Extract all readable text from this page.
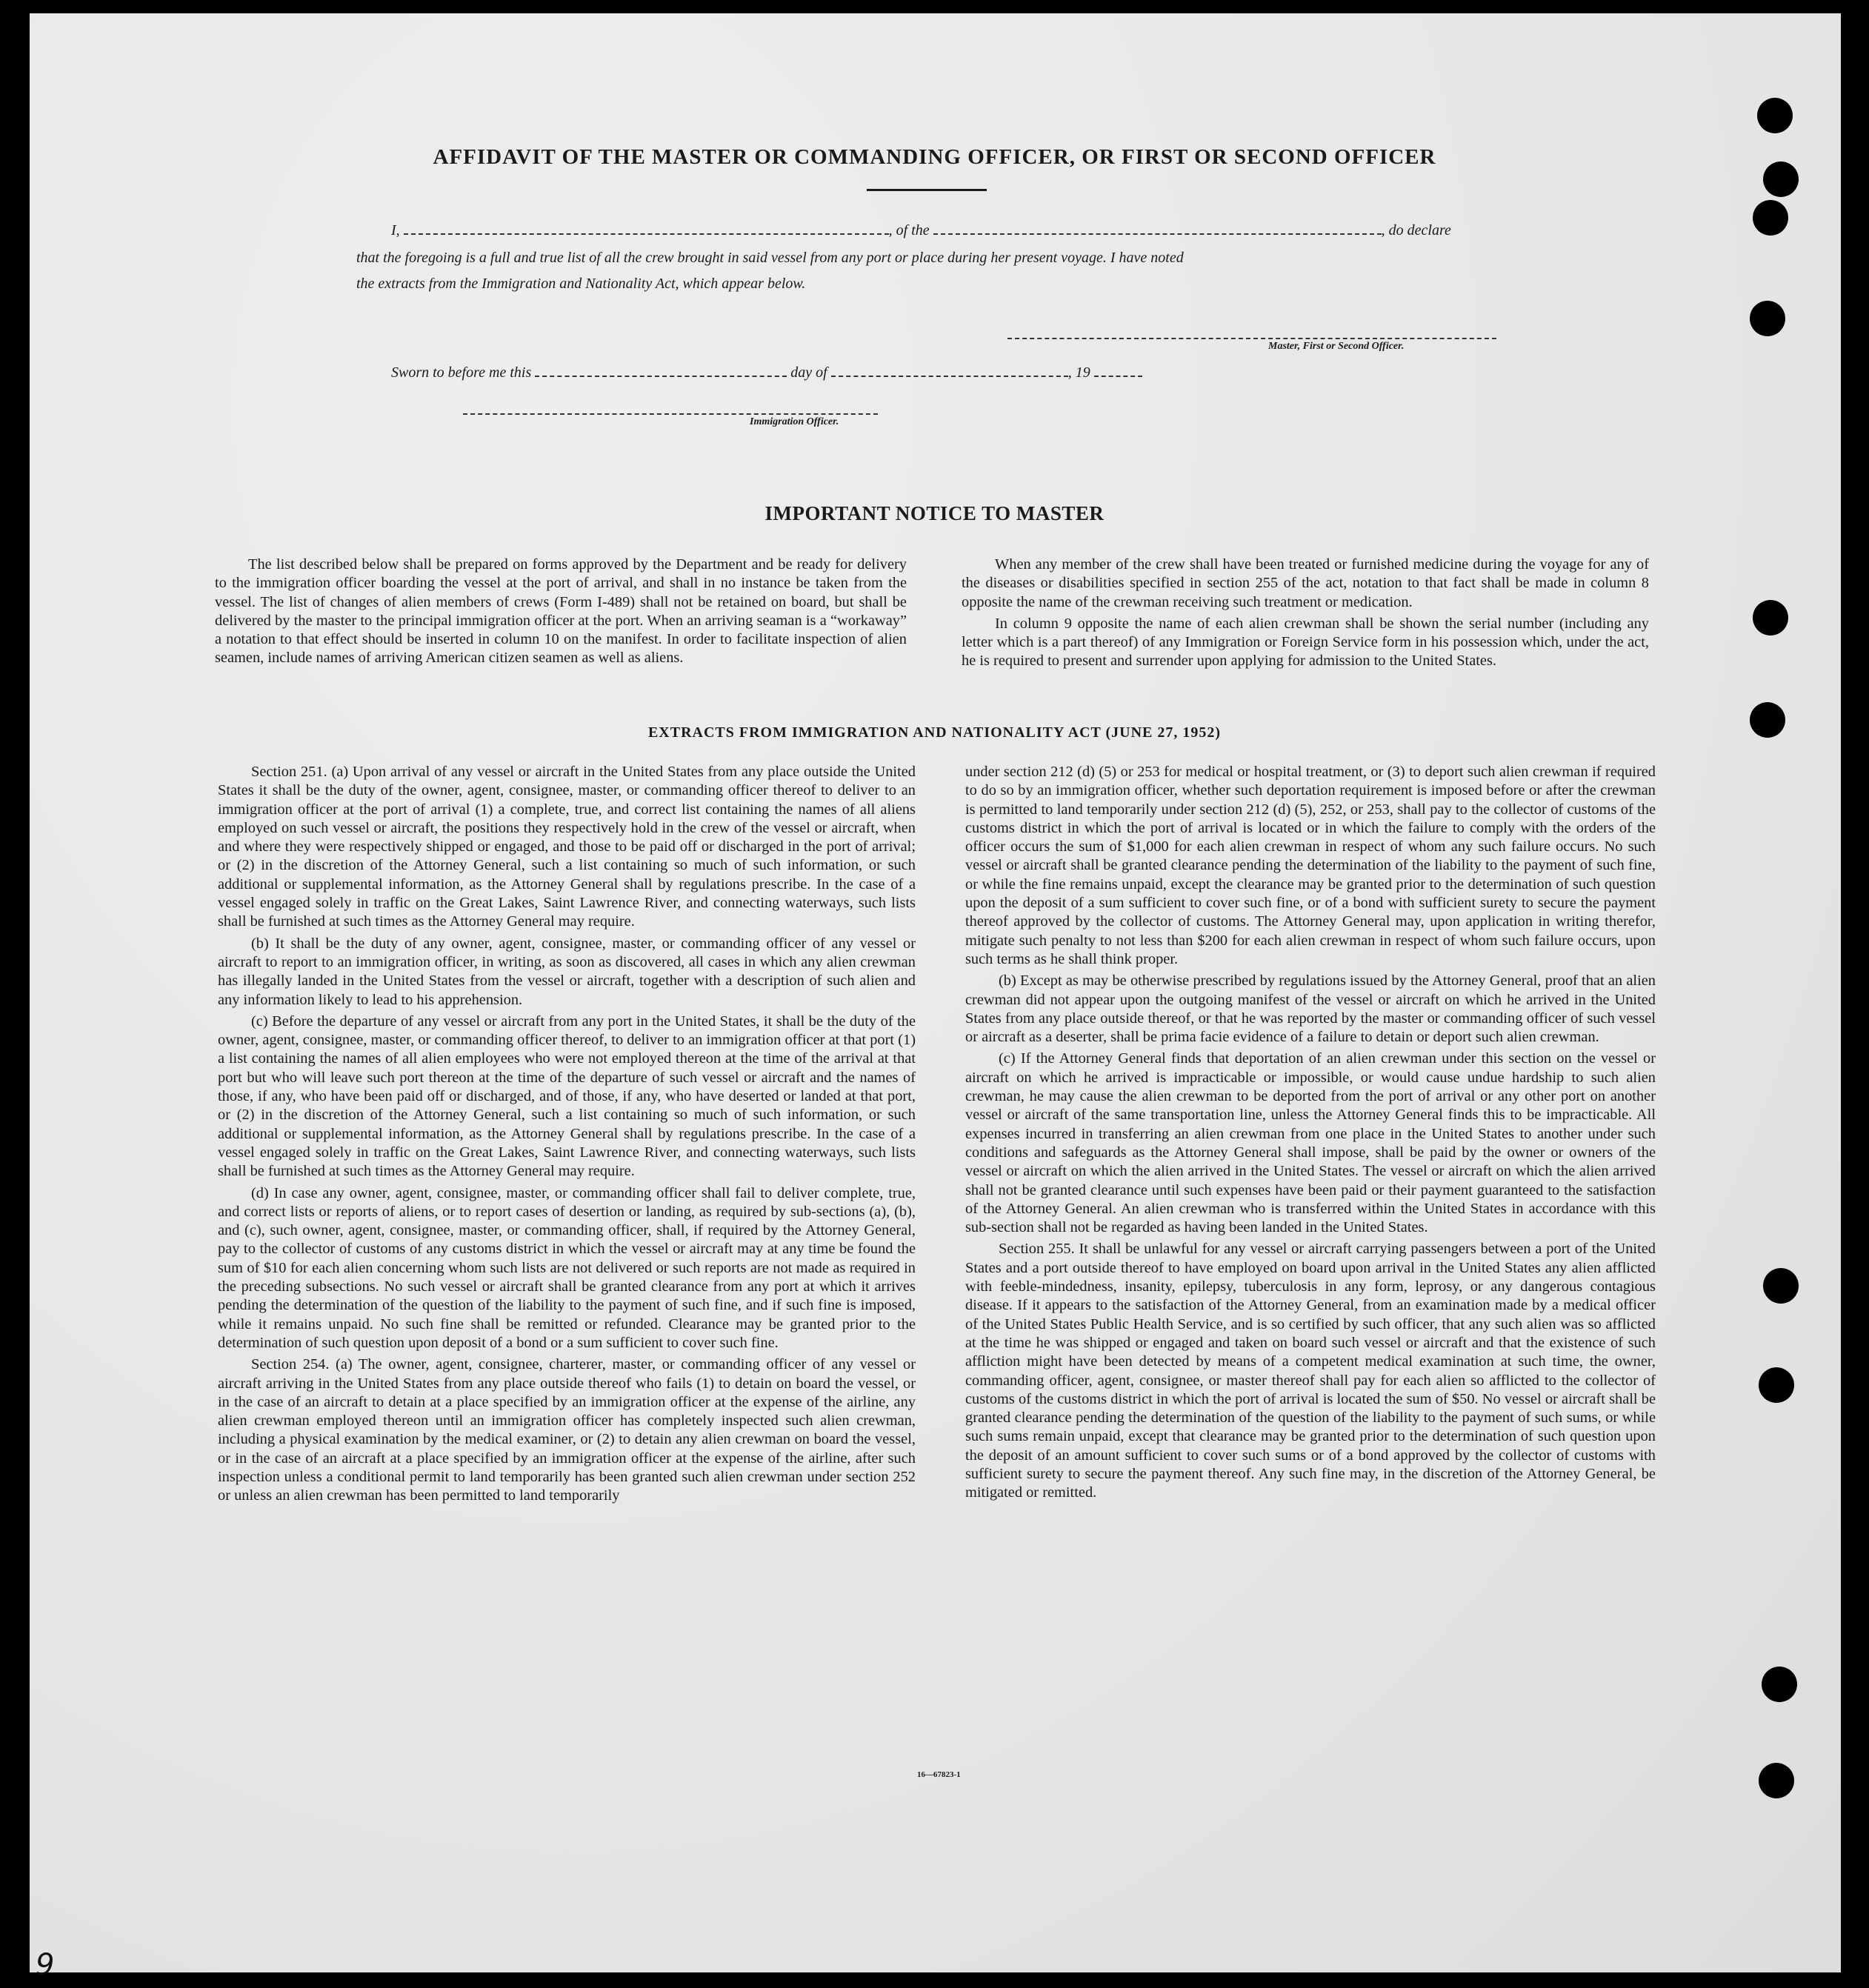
AFFIDAVIT OF THE MASTER OR COMMANDING OFFICER, OR FIRST OR SECOND OFFICER
I,	, of the	, do declare
that the foregoing is a full and true list of all the crew brought in said vessel from any port or place during her present voyage. I have noted
the extracts from the Immigration and Nationality Act, which appear below.
Master, First or Second Officer.
Sworn to before me this	day of	, 19
Immigration Officer.
IMPORTANT NOTICE TO MASTER

The list described below shall be prepared on forms approved by the Department and be ready for delivery to the immigration officer boarding the vessel at the port of arrival, and shall in no instance be taken from the vessel. The list of changes of alien members of crews (Form I-489) shall not be retained on board, but shall be delivered by the master to the principal immigration officer at the port. When an arriving seaman is a “workaway” a notation to that effect should be inserted in column 10 on the manifest. In order to facilitate inspection of alien seamen, include names of arriving American citizen seamen as well as aliens.

When any member of the crew shall have been treated or furnished medicine during the voyage for any of the diseases or disabilities specified in section 255 of the act, notation to that fact shall be made in column 8 opposite the name of the crewman receiving such treatment or medication.

In column 9 opposite the name of each alien crewman shall be shown the serial number (including any letter which is a part thereof) of any Immigration or Foreign Service form in his possession which, under the act, he is required to present and surrender upon applying for admission to the United States.

EXTRACTS FROM IMMIGRATION AND NATIONALITY ACT (JUNE 27, 1952)

Section 251. (a) Upon arrival of any vessel or aircraft in the United States from any place outside the United States it shall be the duty of the owner, agent, consignee, master, or commanding officer thereof to deliver to an immigration officer at the port of arrival (1) a complete, true, and correct list containing the names of all aliens employed on such vessel or aircraft, the positions they respectively hold in the crew of the vessel or aircraft, when and where they were respectively shipped or engaged, and those to be paid off or discharged in the port of arrival; or (2) in the discretion of the Attorney General, such a list containing so much of such information, or such additional or supplemental information, as the Attorney General shall by regulations prescribe. In the case of a vessel engaged solely in traffic on the Great Lakes, Saint Lawrence River, and connecting waterways, such lists shall be furnished at such times as the Attorney General may require.

(b) It shall be the duty of any owner, agent, consignee, master, or commanding officer of any vessel or aircraft to report to an immigration officer, in writing, as soon as discovered, all cases in which any alien crewman has illegally landed in the United States from the vessel or aircraft, together with a description of such alien and any information likely to lead to his apprehension.

(c) Before the departure of any vessel or aircraft from any port in the United States, it shall be the duty of the owner, agent, consignee, master, or commanding officer thereof, to deliver to an immigration officer at that port (1) a list containing the names of all alien employees who were not employed thereon at the time of the arrival at that port but who will leave such port thereon at the time of the departure of such vessel or aircraft and the names of those, if any, who have been paid off or discharged, and of those, if any, who have deserted or landed at that port, or (2) in the discretion of the Attorney General, such a list containing so much of such information, or such additional or supplemental information, as the Attorney General shall by regulations prescribe. In the case of a vessel engaged solely in traffic on the Great Lakes, Saint Lawrence River, and connecting waterways, such lists shall be furnished at such times as the Attorney General may require.

(d) In case any owner, agent, consignee, master, or commanding officer shall fail to deliver complete, true, and correct lists or reports of aliens, or to report cases of desertion or landing, as required by sub-sections (a), (b), and (c), such owner, agent, consignee, master, or commanding officer, shall, if required by the Attorney General, pay to the collector of customs of any customs district in which the vessel or aircraft may at any time be found the sum of $10 for each alien concerning whom such lists are not delivered or such reports are not made as required in the preceding subsections. No such vessel or aircraft shall be granted clearance from any port at which it arrives pending the determination of the question of the liability to the payment of such fine, and if such fine is imposed, while it remains unpaid. No such fine shall be remitted or refunded. Clearance may be granted prior to the determination of such question upon deposit of a bond or a sum sufficient to cover such fine.

Section 254. (a) The owner, agent, consignee, charterer, master, or commanding officer of any vessel or aircraft arriving in the United States from any place outside thereof who fails (1) to detain on board the vessel, or in the case of an aircraft to detain at a place specified by an immigration officer at the expense of the airline, any alien crewman employed thereon until an immigration officer has completely inspected such alien crewman, including a physical examination by the medical examiner, or (2) to detain any alien crewman on board the vessel, or in the case of an aircraft at a place specified by an immigration officer at the expense of the airline, after such inspection unless a conditional permit to land temporarily has been granted such alien crewman under section 252 or unless an alien crewman has been permitted to land temporarily

under section 212 (d) (5) or 253 for medical or hospital treatment, or (3) to deport such alien crewman if required to do so by an immigration officer, whether such deportation requirement is imposed before or after the crewman is permitted to land temporarily under section 212 (d) (5), 252, or 253, shall pay to the collector of customs of the customs district in which the port of arrival is located or in which the failure to comply with the orders of the officer occurs the sum of $1,000 for each alien crewman in respect of whom any such failure occurs. No such vessel or aircraft shall be granted clearance pending the determination of the liability to the payment of such fine, or while the fine remains unpaid, except the clearance may be granted prior to the determination of such question upon the deposit of a sum sufficient to cover such fine, or of a bond with sufficient surety to secure the payment thereof approved by the collector of customs. The Attorney General may, upon application in writing therefor, mitigate such penalty to not less than $200 for each alien crewman in respect of whom such failure occurs, upon such terms as he shall think proper.

(b) Except as may be otherwise prescribed by regulations issued by the Attorney General, proof that an alien crewman did not appear upon the outgoing manifest of the vessel or aircraft on which he arrived in the United States from any place outside thereof, or that he was reported by the master or commanding officer of such vessel or aircraft as a deserter, shall be prima facie evidence of a failure to detain or deport such alien crewman.

(c) If the Attorney General finds that deportation of an alien crewman under this section on the vessel or aircraft on which he arrived is impracticable or impossible, or would cause undue hardship to such alien crewman, he may cause the alien crewman to be deported from the port of arrival or any other port on another vessel or aircraft of the same transportation line, unless the Attorney General finds this to be impracticable. All expenses incurred in transferring an alien crewman from one place in the United States to another under such conditions and safeguards as the Attorney General shall impose, shall be paid by the owner or owners of the vessel or aircraft on which the alien arrived in the United States. The vessel or aircraft on which the alien arrived shall not be granted clearance until such expenses have been paid or their payment guaranteed to the satisfaction of the Attorney General. An alien crewman who is transferred within the United States in accordance with this sub-section shall not be regarded as having been landed in the United States.

Section 255. It shall be unlawful for any vessel or aircraft carrying passengers between a port of the United States and a port outside thereof to have employed on board upon arrival in the United States any alien afflicted with feeble-mindedness, insanity, epilepsy, tuberculosis in any form, leprosy, or any dangerous contagious disease. If it appears to the satisfaction of the Attorney General, from an examination made by a medical officer of the United States Public Health Service, and is so certified by such officer, that any such alien was so afflicted at the time he was shipped or engaged and taken on board such vessel or aircraft and that the existence of such affliction might have been detected by means of a competent medical examination at such time, the owner, commanding officer, agent, consignee, or master thereof shall pay for each alien so afflicted to the collector of customs of the customs district in which the port of arrival is located the sum of $50. No vessel or aircraft shall be granted clearance pending the determination of the question of the liability to the payment of such sums, or while such sums remain unpaid, except that clearance may be granted prior to the determination of such question upon the deposit of an amount sufficient to cover such sums or of a bond approved by the collector of customs with sufficient surety to secure the payment thereof. Any such fine may, in the discretion of the Attorney General, be mitigated or remitted.

16—67823-1
9
